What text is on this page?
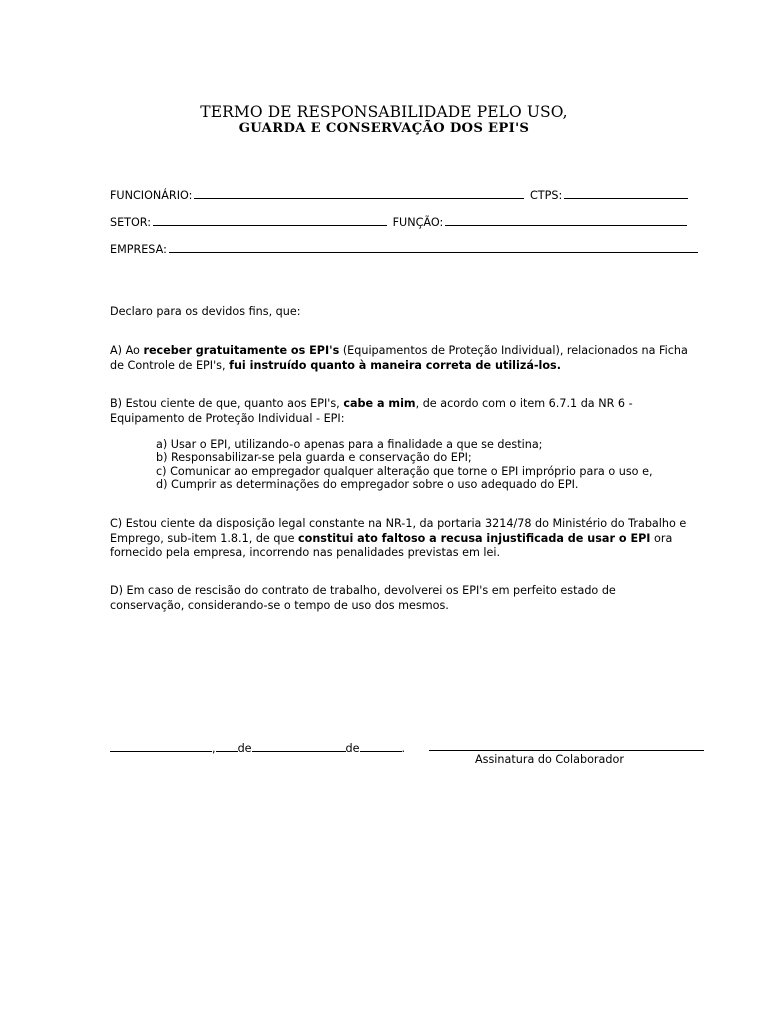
TERMO DE RESPONSABILIDADE PELO USO,
GUARDA E CONSERVAÇÃO DOS EPI'S
FUNCIONÁRIO:	CTPS:
SETOR:	FUNÇÃO:
EMPRESA:
Declaro para os devidos fins, que:
A) Ao receber gratuitamente os EPI's (Equipamentos de Proteção Individual), relacionados na Ficha de Controle de EPI's, fui instruído quanto à maneira correta de utilizá-los.
B) Estou ciente de que, quanto aos EPI's, cabe a mim, de acordo com o item 6.7.1 da NR 6 - Equipamento de Proteção Individual - EPI:
a) Usar o EPI, utilizando-o apenas para a finalidade a que se destina;
b) Responsabilizar-se pela guarda e conservação do EPI;
c) Comunicar ao empregador qualquer alteração que torne o EPI impróprio para o uso e,
d) Cumprir as determinações do empregador sobre o uso adequado do EPI.
C) Estou ciente da disposição legal constante na NR-1, da portaria 3214/78 do Ministério do Trabalho e Emprego, sub-item 1.8.1, de que constitui ato faltoso a recusa injustificada de usar o EPI ora fornecido pela empresa, incorrendo nas penalidades previstas em lei.
D) Em caso de rescisão do contrato de trabalho, devolverei os EPI's em perfeito estado de conservação, considerando-se o tempo de uso dos mesmos.
, de	de	.
Assinatura do Colaborador
